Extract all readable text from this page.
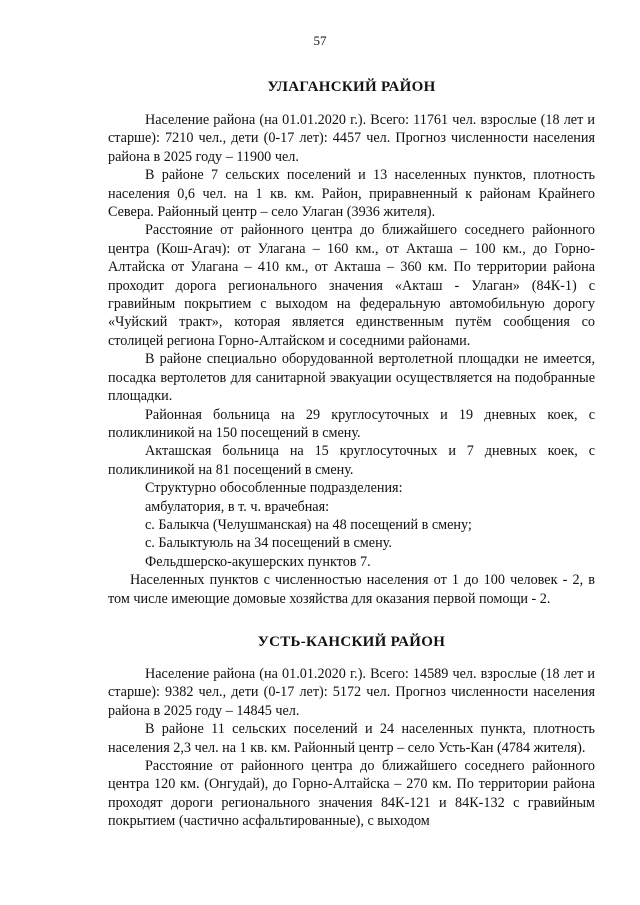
57
УЛАГАНСКИЙ РАЙОН

Население района (на 01.01.2020 г.). Всего: 11761 чел. взрослые (18 лет и старше): 7210 чел., дети (0-17 лет): 4457 чел. Прогноз численности населения района в 2025 году – 11900 чел.

В районе 7 сельских поселений и 13 населенных пунктов, плотность населения 0,6 чел. на 1 кв. км. Район, приравненный к районам Крайнего Севера. Районный центр – село Улаган (3936 жителя).

Расстояние от районного центра до ближайшего соседнего районного центра (Кош-Агач): от Улагана – 160 км., от Акташа – 100 км., до Горно-Алтайска от Улагана – 410 км., от Акташа – 360 км. По территории района проходит дорога регионального значения «Акташ - Улаган» (84К-1) с гравийным покрытием с выходом на федеральную автомобильную дорогу «Чуйский тракт», которая является единственным путём сообщения со столицей региона Горно-Алтайском и соседними районами.

В районе специально оборудованной вертолетной площадки не имеется, посадка вертолетов для санитарной эвакуации осуществляется на подобранные площадки.

Районная больница на 29 круглосуточных и 19 дневных коек, с поликлиникой на 150 посещений в смену.

Акташская больница на 15 круглосуточных и 7 дневных коек, с поликлиникой на 81 посещений в смену.

Структурно обособленные подразделения:

амбулатория, в т. ч. врачебная:

с. Балыкча (Челушманская) на 48 посещений в смену;

с. Балыктуюль на 34 посещений в смену.

Фельдшерско-акушерских пунктов 7.

Населенных пунктов с численностью населения от 1 до 100 человек - 2, в том числе имеющие домовые хозяйства для оказания первой помощи - 2.

УСТЬ-КАНСКИЙ РАЙОН

Население района (на 01.01.2020 г.). Всего: 14589 чел. взрослые (18 лет и старше): 9382 чел., дети (0-17 лет): 5172 чел. Прогноз численности населения района в 2025 году – 14845 чел.

В районе 11 сельских поселений и 24 населенных пункта, плотность населения 2,3 чел. на 1 кв. км. Районный центр – село Усть-Кан (4784 жителя).

Расстояние от районного центра до ближайшего соседнего районного центра 120 км. (Онгудай), до Горно-Алтайска – 270 км. По территории района проходят дороги регионального значения 84К-121 и 84К-132 с гравийным покрытием (частично асфальтированные), с выходом
